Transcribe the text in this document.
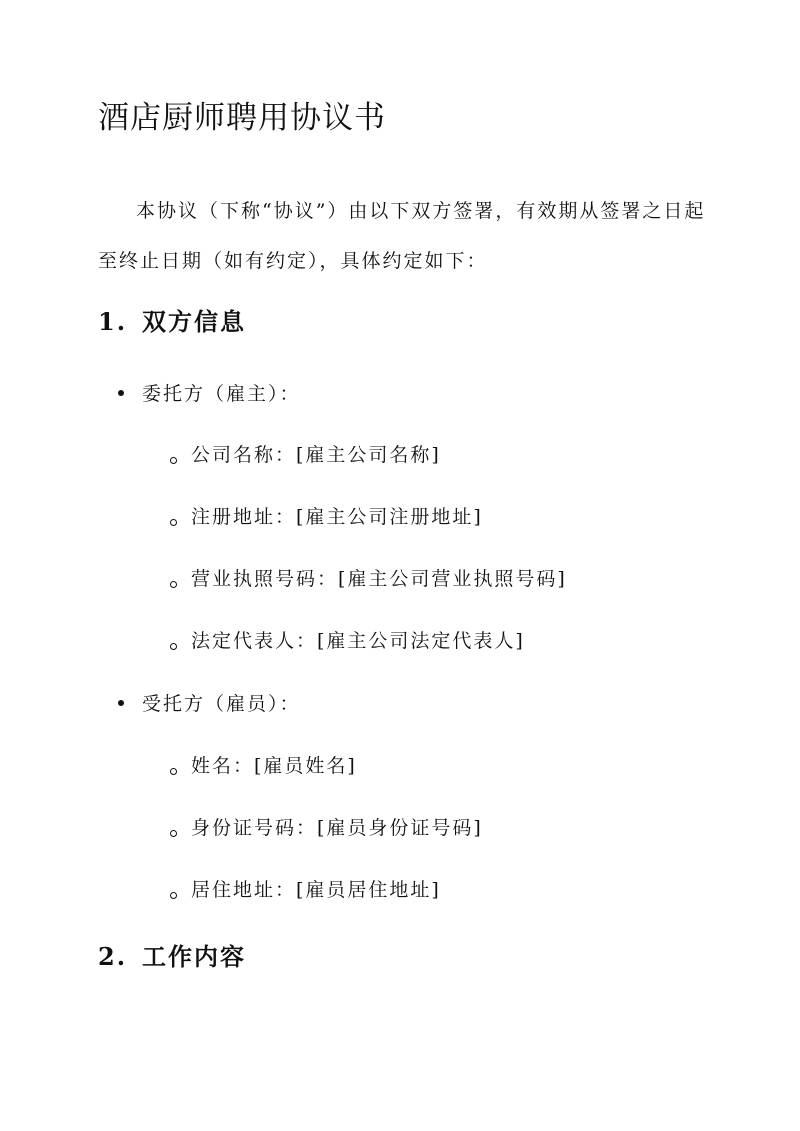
酒店厨师聘用协议书

本协议（下称“协议”）由以下双方签署，有效期从签署之日起至终止日期（如有约定），具体约定如下：

1. 双方信息
委托方（雇主）：
公司名称：[雇主公司名称]
注册地址：[雇主公司注册地址]
营业执照号码：[雇主公司营业执照号码]
法定代表人：[雇主公司法定代表人]
受托方（雇员）：
姓名：[雇员姓名]
身份证号码：[雇员身份证号码]
居住地址：[雇员居住地址]
2. 工作内容
